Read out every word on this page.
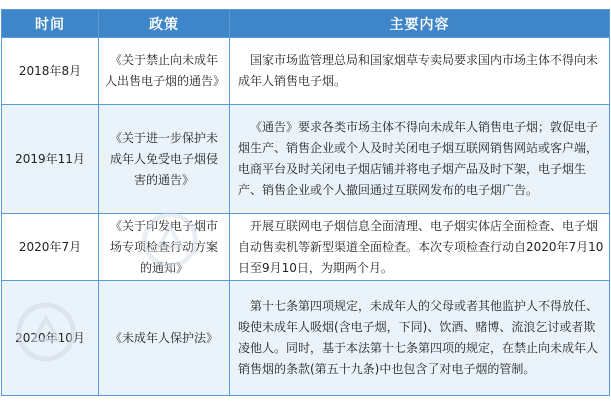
时间	政策	主要内容
2018年8月	《关于禁止向未成年人出售电子烟的通告》	国家市场监管理总局和国家烟草专卖局要求国内市场主体不得向未成年人销售电子烟。
2019年11月	《关于进一步保护未成年人免受电子烟侵害的通告》	《通告》要求各类市场主体不得向未成年人销售电子烟；敦促电子烟生产、销售企业或个人及时关闭电子烟互联网销售网站或客户端，电商平台及时关闭电子烟店铺并将电子烟产品及时下架，电子烟生产、销售企业或个人撤回通过互联网发布的电子烟广告。
2020年7月	《关于印发电子烟市场专项检查行动方案的通知》	开展互联网电子烟信息全面清理、电子烟实体店全面检查、电子烟自动售卖机等新型渠道全面检查。本次专项检查行动自2020年7月10日至9月10日，为期两个月。
2020年10月	《未成年人保护法》	第十七条第四项规定，未成年人的父母或者其他监护人不得放任、唆使未成年人吸烟(含电子烟，下同)、饮酒、赌博、流浪乞讨或者欺凌他人。同时，基于本法第十七条第四项的规定，在禁止向未成年人销售烟的条款(第五十九条)中也包含了对电子烟的管制。
